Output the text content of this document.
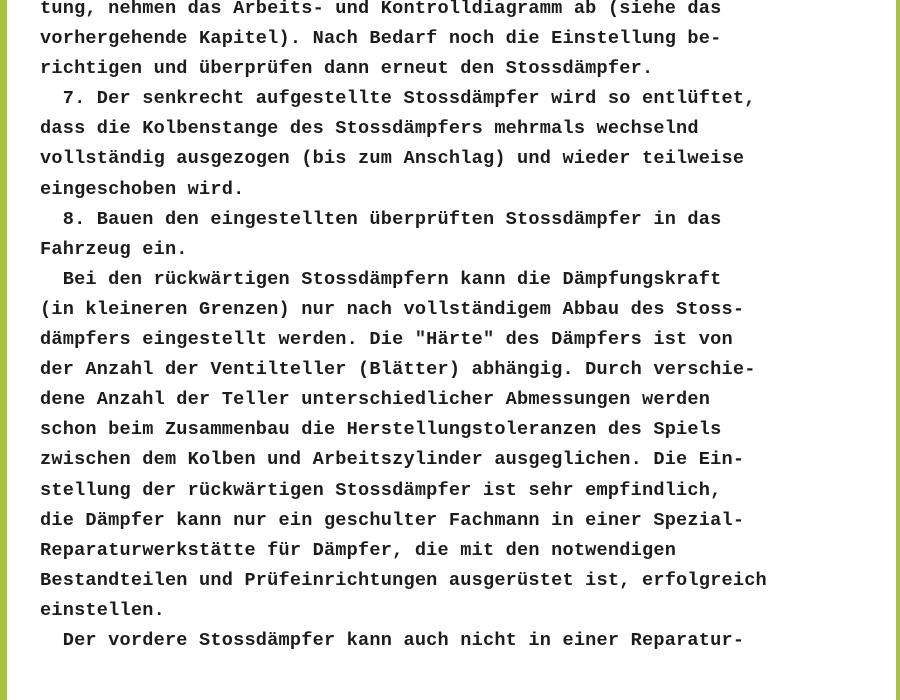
tung, nehmen das Arbeits- und Kontrolldiagramm ab (siehe das
vorhergehende Kapitel). Nach Bedarf noch die Einstellung be-
richtigen und überprüfen dann erneut den Stossdämpfer.
7. Der senkrecht aufgestellte Stossdämpfer wird so entlüftet,
dass die Kolbenstange des Stossdämpfers mehrmals wechselnd
vollständig ausgezogen (bis zum Anschlag) und wieder teilweise
eingeschoben wird.
8. Bauen den eingestellten überprüften Stossdämpfer in das
Fahrzeug ein.
Bei den rückwärtigen Stossdämpfern kann die Dämpfungskraft
(in kleineren Grenzen) nur nach vollständigem Abbau des Stoss-
dämpfers eingestellt werden. Die "Härte" des Dämpfers ist von
der Anzahl der Ventilteller (Blätter) abhängig. Durch verschie-
dene Anzahl der Teller unterschiedlicher Abmessungen werden
schon beim Zusammenbau die Herstellungstoleranzen des Spiels
zwischen dem Kolben und Arbeitszylinder ausgeglichen. Die Ein-
stellung der rückwärtigen Stossdämpfer ist sehr empfindlich,
die Dämpfer kann nur ein geschulter Fachmann in einer Spezial-
Reparaturwerkstätte für Dämpfer, die mit den notwendigen
Bestandteilen und Prüfeinrichtungen ausgerüstet ist, erfolgreich
einstellen.
Der vordere Stossdämpfer kann auch nicht in einer Reparatur-
